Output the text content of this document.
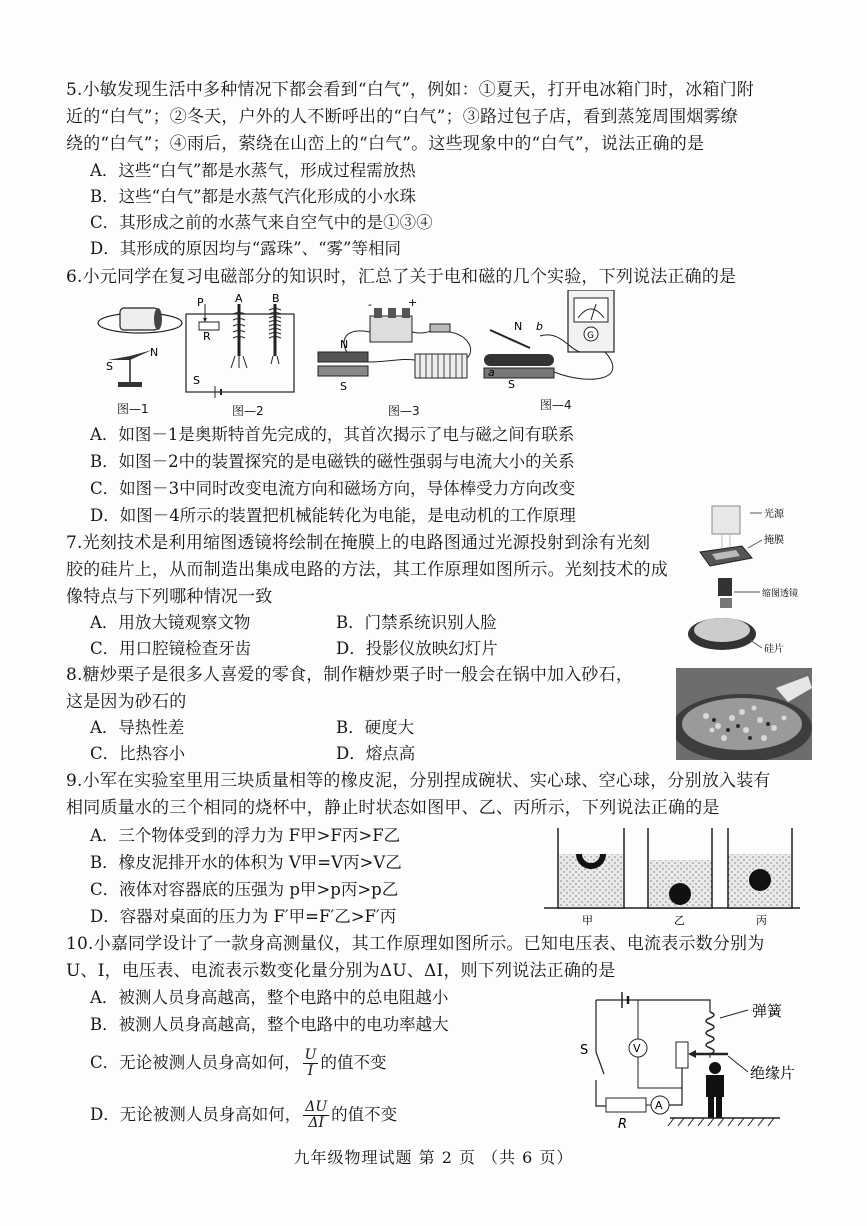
5.小敏发现生活中多种情况下都会看到“白气”，例如：①夏天，打开电冰箱门时，冰箱门附
近的“白气”；②冬天，户外的人不断呼出的“白气”；③路过包子店，看到蒸笼周围烟雾缭
绕的“白气”；④雨后，萦绕在山峦上的“白气”。这些现象中的“白气”，说法正确的是
A．这些“白气”都是水蒸气，形成过程需放热
B．这些“白气”都是水蒸气汽化形成的小水珠
C．其形成之前的水蒸气来自空气中的是①③④
D．其形成的原因均与“露珠”、“雾”等相同
6.小元同学在复习电磁部分的知识时，汇总了关于电和磁的几个实验，下列说法正确的是
S
N
图—1
P
R
A	B
S
图—2
-	+
N
S
图—3
G
N b
a
S
图—4
A．如图－1是奥斯特首先完成的，其首次揭示了电与磁之间有联系
B．如图－2中的装置探究的是电磁铁的磁性强弱与电流大小的关系
C．如图－3中同时改变电流方向和磁场方向，导体棒受力方向改变
D．如图－4所示的装置把机械能转化为电能，是电动机的工作原理
7.光刻技术是利用缩图透镜将绘制在掩膜上的电路图通过光源投射到涂有光刻
胶的硅片上，从而制造出集成电路的方法，其工作原理如图所示。光刻技术的成
像特点与下列哪种情况一致
A．用放大镜观察文物	B．门禁系统识别人脸
C．用口腔镜检查牙齿	D．投影仪放映幻灯片
光源
掩膜
缩图透镜
硅片
8.糖炒栗子是很多人喜爱的零食，制作糖炒栗子时一般会在锅中加入砂石，
这是因为砂石的
A．导热性差	B．硬度大
C．比热容小	D．熔点高
9.小军在实验室里用三块质量相等的橡皮泥，分别捏成碗状、实心球、空心球，分别放入装有
相同质量水的三个相同的烧杯中，静止时状态如图甲、乙、丙所示，下列说法正确的是
A．三个物体受到的浮力为 F甲>F丙>F乙
B．橡皮泥排开水的体积为 V甲=V丙>V乙
C．液体对容器底的压强为 p甲>p丙>p乙
D．容器对桌面的压力为 F′甲=F′乙>F′丙	甲	乙	丙
10.小嘉同学设计了一款身高测量仪，其工作原理如图所示。已知电压表、电流表示数分别为
U、I，电压表、电流表示数变化量分别为ΔU、ΔI，则下列说法正确的是
A．被测人员身高越高，整个电路中的总电阻越小
B．被测人员身高越高，整个电路中的电功率越大
C．无论被测人员身高如何， $\frac{U}{I}$ 的值不变
D．无论被测人员身高如何， $\frac{\Delta U}{\Delta I}$ 的值不变
S
R
A
V
弹簧
绝缘片
九年级物理试题 第 2 页 （共 6 页）
